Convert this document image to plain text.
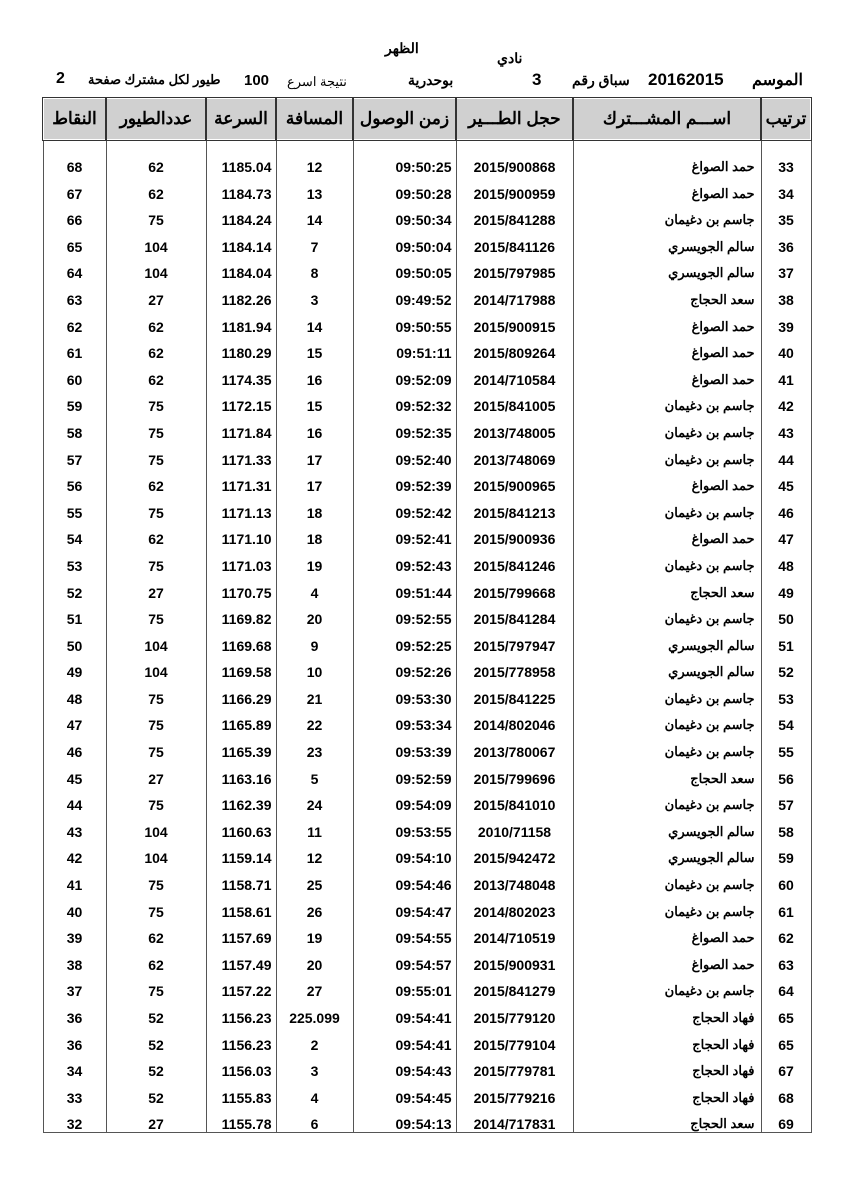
نادي
الظهر
الموسم
20162015
سباق رقم
3
بوحدرية
نتيجة اسرع
100
طيور لكل مشترك صفحة
2
ترتيب	اســـم المشـــترك	حجل الطـــير	زمن الوصول	المسافة	السرعة	عددالطيور	النقاط
33	حمد الصواغ	2015/900868	09:50:25	12	1185.04	62	68
34	حمد الصواغ	2015/900959	09:50:28	13	1184.73	62	67
35	جاسم بن دغيمان	2015/841288	09:50:34	14	1184.24	75	66
36	سالم الجويسري	2015/841126	09:50:04	7	1184.14	104	65
37	سالم الجويسري	2015/797985	09:50:05	8	1184.04	104	64
38	سعد الحجاج	2014/717988	09:49:52	3	1182.26	27	63
39	حمد الصواغ	2015/900915	09:50:55	14	1181.94	62	62
40	حمد الصواغ	2015/809264	09:51:11	15	1180.29	62	61
41	حمد الصواغ	2014/710584	09:52:09	16	1174.35	62	60
42	جاسم بن دغيمان	2015/841005	09:52:32	15	1172.15	75	59
43	جاسم بن دغيمان	2013/748005	09:52:35	16	1171.84	75	58
44	جاسم بن دغيمان	2013/748069	09:52:40	17	1171.33	75	57
45	حمد الصواغ	2015/900965	09:52:39	17	1171.31	62	56
46	جاسم بن دغيمان	2015/841213	09:52:42	18	1171.13	75	55
47	حمد الصواغ	2015/900936	09:52:41	18	1171.10	62	54
48	جاسم بن دغيمان	2015/841246	09:52:43	19	1171.03	75	53
49	سعد الحجاج	2015/799668	09:51:44	4	1170.75	27	52
50	جاسم بن دغيمان	2015/841284	09:52:55	20	1169.82	75	51
51	سالم الجويسري	2015/797947	09:52:25	9	1169.68	104	50
52	سالم الجويسري	2015/778958	09:52:26	10	1169.58	104	49
53	جاسم بن دغيمان	2015/841225	09:53:30	21	1166.29	75	48
54	جاسم بن دغيمان	2014/802046	09:53:34	22	1165.89	75	47
55	جاسم بن دغيمان	2013/780067	09:53:39	23	1165.39	75	46
56	سعد الحجاج	2015/799696	09:52:59	5	1163.16	27	45
57	جاسم بن دغيمان	2015/841010	09:54:09	24	1162.39	75	44
58	سالم الجويسري	2010/71158	09:53:55	11	1160.63	104	43
59	سالم الجويسري	2015/942472	09:54:10	12	1159.14	104	42
60	جاسم بن دغيمان	2013/748048	09:54:46	25	1158.71	75	41
61	جاسم بن دغيمان	2014/802023	09:54:47	26	1158.61	75	40
62	حمد الصواغ	2014/710519	09:54:55	19	1157.69	62	39
63	حمد الصواغ	2015/900931	09:54:57	20	1157.49	62	38
64	جاسم بن دغيمان	2015/841279	09:55:01	27	1157.22	75	37
65	فهاد الحجاج	2015/779120	09:54:41	225.099	1156.23	52	36
65	فهاد الحجاج	2015/779104	09:54:41	2	1156.23	52	36
67	فهاد الحجاج	2015/779781	09:54:43	3	1156.03	52	34
68	فهاد الحجاج	2015/779216	09:54:45	4	1155.83	52	33
69	سعد الحجاج	2014/717831	09:54:13	6	1155.78	27	32
